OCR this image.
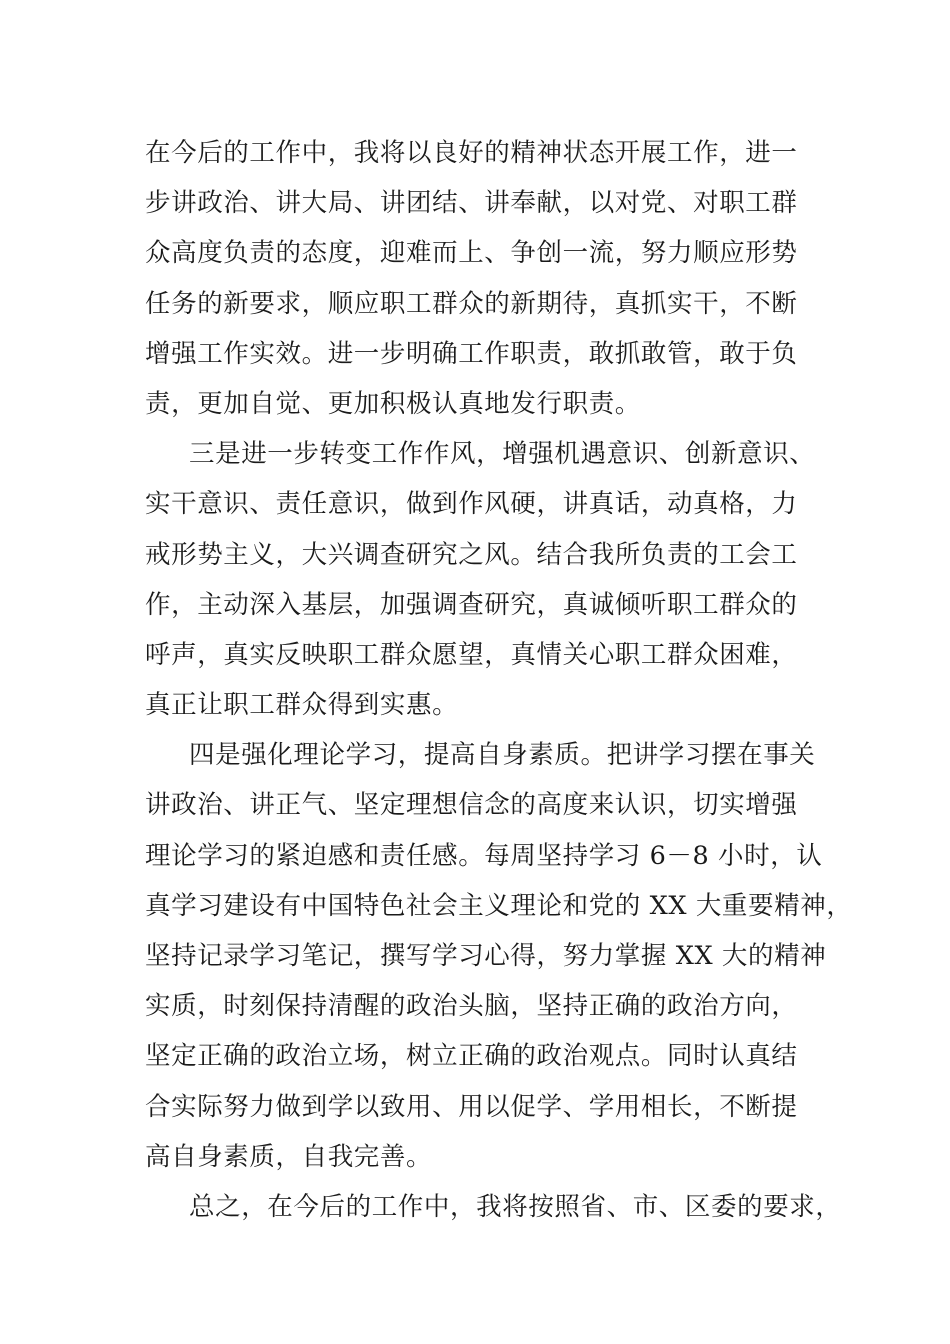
在今后的工作中，我将以良好的精神状态开展工作，进一
步讲政治、讲大局、讲团结、讲奉献，以对党、对职工群
众高度负责的态度，迎难而上、争创一流，努力顺应形势
任务的新要求，顺应职工群众的新期待，真抓实干，不断
增强工作实效。进一步明确工作职责，敢抓敢管，敢于负
责，更加自觉、更加积极认真地发行职责。
三是进一步转变工作作风，增强机遇意识、创新意识、
实干意识、责任意识，做到作风硬，讲真话，动真格，力
戒形势主义，大兴调查研究之风。结合我所负责的工会工
作，主动深入基层，加强调查研究，真诚倾听职工群众的
呼声，真实反映职工群众愿望，真情关心职工群众困难，
真正让职工群众得到实惠。
四是强化理论学习，提高自身素质。把讲学习摆在事关
讲政治、讲正气、坚定理想信念的高度来认识，切实增强
理论学习的紧迫感和责任感。每周坚持学习 6－8 小时，认
真学习建设有中国特色社会主义理论和党的 XX 大重要精神，
坚持记录学习笔记，撰写学习心得，努力掌握 XX 大的精神
实质，时刻保持清醒的政治头脑，坚持正确的政治方向，
坚定正确的政治立场，树立正确的政治观点。同时认真结
合实际努力做到学以致用、用以促学、学用相长，不断提
高自身素质，自我完善。
总之，在今后的工作中，我将按照省、市、区委的要求，
